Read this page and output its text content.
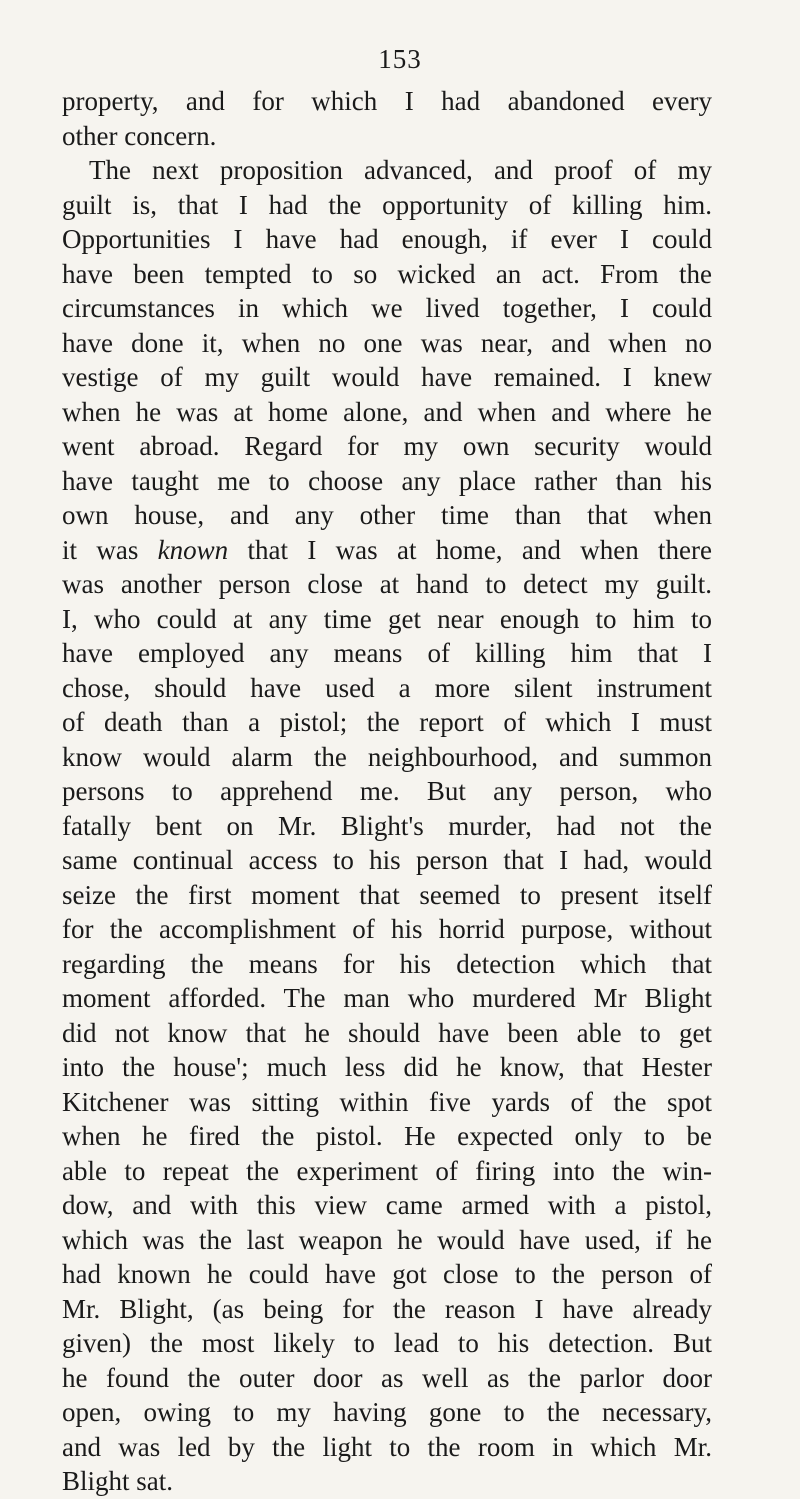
153
property, and for which I had abandoned every
other concern.
The next proposition advanced, and proof of my
guilt is, that I had the opportunity of killing him.
Opportunities I have had enough, if ever I could
have been tempted to so wicked an act. From the
circumstances in which we lived together, I could
have done it, when no one was near, and when no
vestige of my guilt would have remained. I knew
when he was at home alone, and when and where he
went abroad. Regard for my own security would
have taught me to choose any place rather than his
own house, and any other time than that when
it was known that I was at home, and when there
was another person close at hand to detect my guilt.
I, who could at any time get near enough to him to
have employed any means of killing him that I
chose, should have used a more silent instrument
of death than a pistol; the report of which I must
know would alarm the neighbourhood, and summon
persons to apprehend me. But any person, who
fatally bent on Mr. Blight's murder, had not the
same continual access to his person that I had, would
seize the first moment that seemed to present itself
for the accomplishment of his horrid purpose, without
regarding the means for his detection which that
moment afforded. The man who murdered Mr Blight
did not know that he should have been able to get
into the house'; much less did he know, that Hester
Kitchener was sitting within five yards of the spot
when he fired the pistol. He expected only to be
able to repeat the experiment of firing into the win-
dow, and with this view came armed with a pistol,
which was the last weapon he would have used, if he
had known he could have got close to the person of
Mr. Blight, (as being for the reason I have already
given) the most likely to lead to his detection. But
he found the outer door as well as the parlor door
open, owing to my having gone to the necessary,
and was led by the light to the room in which Mr.
Blight sat.
